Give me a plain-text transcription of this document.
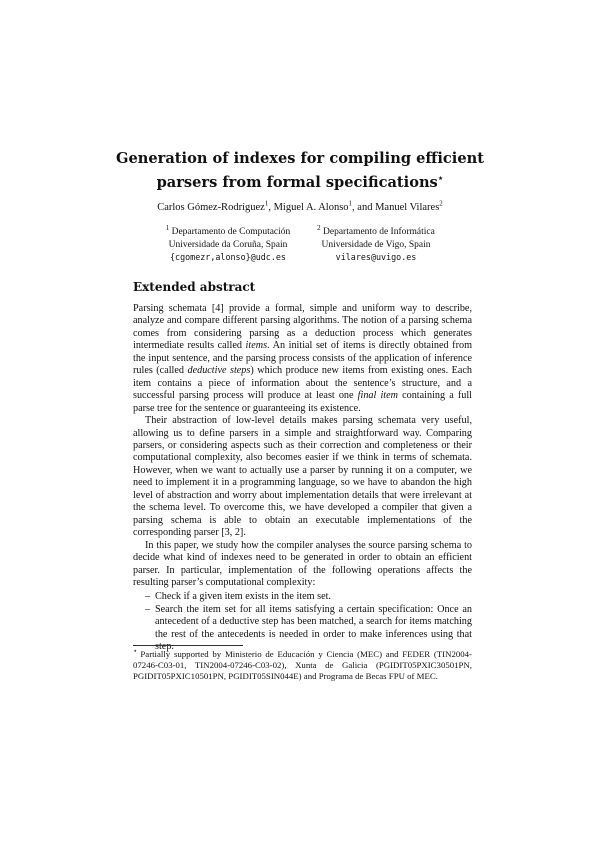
Generation of indexes for compiling efficient
parsers from formal specifications⋆
Carlos Gómez-Rodríguez$^1$, Miguel A. Alonso$^1$, and Manuel Vilares$^2$
$^1$ Departamento de Computación
Universidade da Coruña, Spain
{cgomezr,alonso}@udc.es
$^2$ Departamento de Informática
Universidade de Vigo, Spain
vilares@uvigo.es
Extended abstract

Parsing schemata [4] provide a formal, simple and uniform way to describe, analyze and compare different parsing algorithms. The notion of a parsing schema comes from considering parsing as a deduction process which generates intermediate results called items. An initial set of items is directly obtained from the input sentence, and the parsing process consists of the application of inference rules (called deductive steps) which produce new items from existing ones. Each item contains a piece of information about the sentence’s structure, and a successful parsing process will produce at least one final item containing a full parse tree for the sentence or guaranteeing its existence.

Their abstraction of low-level details makes parsing schemata very useful, allowing us to define parsers in a simple and straightforward way. Comparing parsers, or considering aspects such as their correction and completeness or their computational complexity, also becomes easier if we think in terms of schemata. However, when we want to actually use a parser by running it on a computer, we need to implement it in a programming language, so we have to abandon the high level of abstraction and worry about implementation details that were irrelevant at the schema level. To overcome this, we have developed a compiler that given a parsing schema is able to obtain an executable implementations of the corresponding parser [3, 2].

In this paper, we study how the compiler analyses the source parsing schema to decide what kind of indexes need to be generated in order to obtain an efficient parser. In particular, implementation of the following operations affects the resulting parser’s computational complexity:

– Check if a given item exists in the item set.
– Search the item set for all items satisfying a certain specification: Once an antecedent of a deductive step has been matched, a search for items matching the rest of the antecedents is needed in order to make inferences using that step.
⋆ Partially supported by Ministerio de Educación y Ciencia (MEC) and FEDER (TIN2004-07246-C03-01, TIN2004-07246-C03-02), Xunta de Galicia (PGIDIT05PXIC30501PN, PGIDIT05PXIC10501PN, PGIDIT05SIN044E) and Programa de Becas FPU of MEC.
